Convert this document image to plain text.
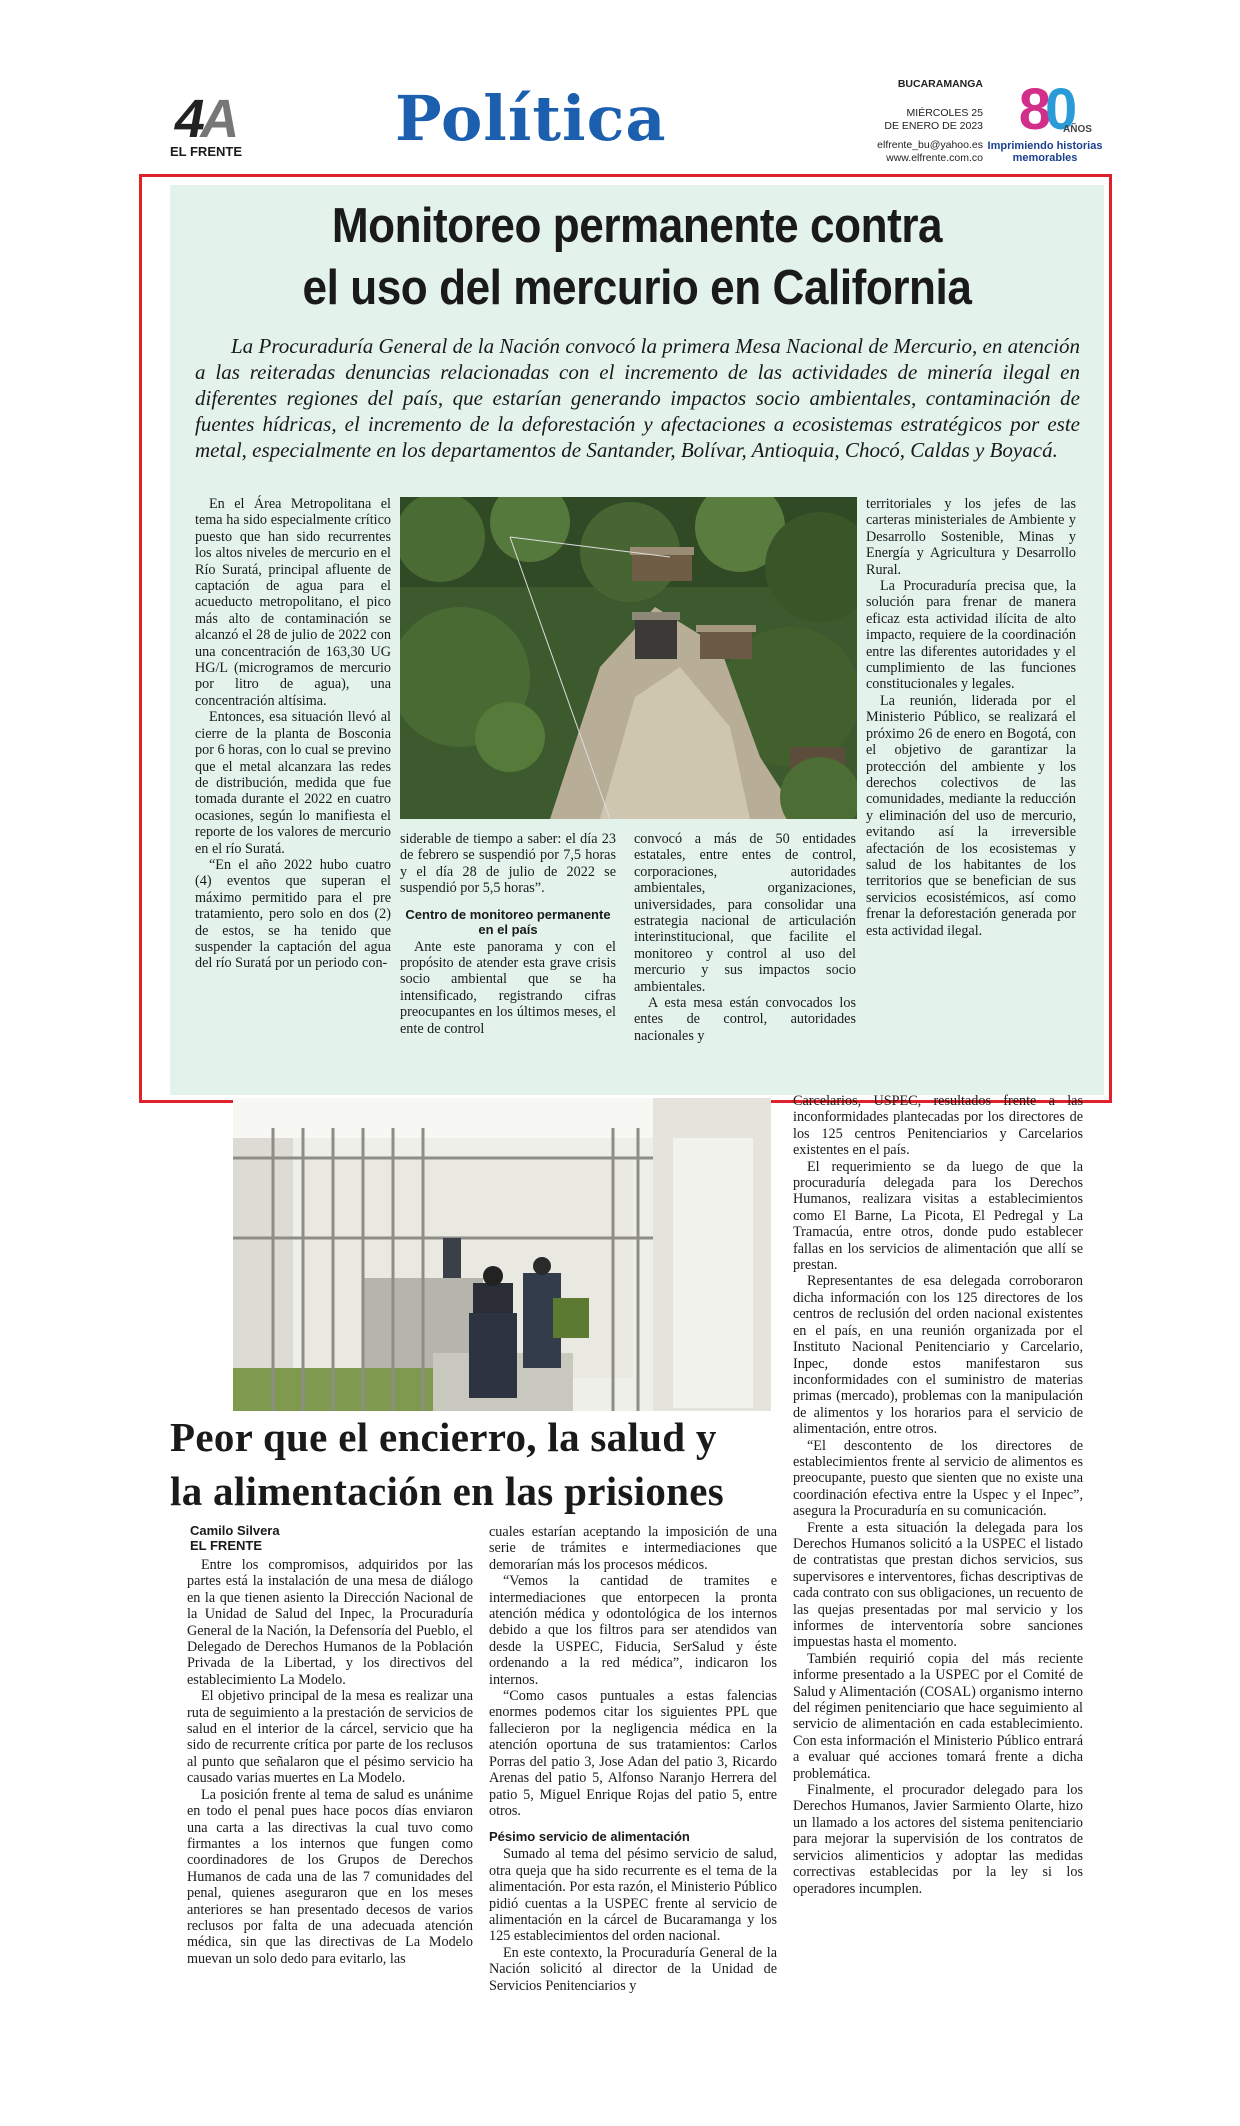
4A
EL FRENTE Política	BUCARAMANGA
MIÉRCOLES 25
DE ENERO DE 2023
elfrente_bu@yahoo.es
www.elfrente.com.co
80
AÑOS
Imprimiendo historias memorables
Monitoreo permanente contra
el uso del mercurio en California
La Procuraduría General de la Nación convocó la primera Mesa Nacional de Mercurio, en atención a las reiteradas denuncias relacionadas con el incremento de las actividades de minería ilegal en diferentes regiones del país, que estarían generando impactos socio ambientales, contaminación de fuentes hídricas, el incremento de la deforestación y afectaciones a ecosistemas estratégicos por este metal, especialmente en los departamentos de Santander, Bolívar, Antioquia, Chocó, Caldas y Boyacá.

En el Área Metropolitana el tema ha sido especialmente crítico puesto que han sido recurrentes los altos niveles de mercurio en el Río Suratá, principal afluente de captación de agua para el acueducto metropolitano, el pico más alto de contaminación se alcanzó el 28 de julio de 2022 con una concentración de 163,30 UG HG/L (microgramos de mercurio por litro de agua), una concentración altísima.

Entonces, esa situación llevó al cierre de la planta de Bosconia por 6 horas, con lo cual se previno que el metal alcanzara las redes de distribución, medida que fue tomada durante el 2022 en cuatro ocasiones, según lo manifiesta el reporte de los valores de mercurio en el río Suratá.

“En el año 2022 hubo cuatro (4) eventos que superan el máximo permitido para el pre tratamiento, pero solo en dos (2) de estos, se ha tenido que suspender la captación del agua del río Suratá por un periodo con-

siderable de tiempo a saber: el día 23 de febrero se suspendió por 7,5 horas y el día 28 de julio de 2022 se suspendió por 5,5 horas”.

Centro de monitoreo permanente en el país

Ante este panorama y con el propósito de atender esta grave crisis socio ambiental que se ha intensificado, registrando cifras preocupantes en los últimos meses, el ente de control

convocó a más de 50 entidades estatales, entre entes de control, corporaciones, autoridades ambientales, organizaciones, universidades, para consolidar una estrategia nacional de articulación interinstitucional, que facilite el monitoreo y control al uso del mercurio y sus impactos socio ambientales.

A esta mesa están convocados los entes de control, autoridades nacionales y

territoriales y los jefes de las carteras ministeriales de Ambiente y Desarrollo Sostenible, Minas y Energía y Agricultura y Desarrollo Rural.

La Procuraduría precisa que, la solución para frenar de manera eficaz esta actividad ilícita de alto impacto, requiere de la coordinación entre las diferentes autoridades y el cumplimiento de las funciones constitucionales y legales.

La reunión, liderada por el Ministerio Público, se realizará el próximo 26 de enero en Bogotá, con el objetivo de garantizar la protección del ambiente y los derechos colectivos de las comunidades, mediante la reducción y eliminación del uso de mercurio, evitando así la irreversible afectación de los ecosistemas y salud de los habitantes de los territorios que se benefician de sus servicios ecosistémicos, así como frenar la deforestación generada por esta actividad ilegal.

Carcelarios, USPEC, resultados frente a las inconformidades plantecadas por los directores de los 125 centros Penitenciarios y Carcelarios existentes en el país.

El requerimiento se da luego de que la procuraduría delegada para los Derechos Humanos, realizara visitas a establecimientos como El Barne, La Picota, El Pedregal y La Tramacúa, entre otros, donde pudo establecer fallas en los servicios de alimentación que allí se prestan.

Representantes de esa delegada corroboraron dicha información con los 125 directores de los centros de reclusión del orden nacional existentes en el país, en una reunión organizada por el Instituto Nacional Penitenciario y Carcelario, Inpec, donde estos manifestaron sus inconformidades con el suministro de materias primas (mercado), problemas con la manipulación de alimentos y los horarios para el servicio de alimentación, entre otros.

“El descontento de los directores de establecimientos frente al servicio de alimentos es preocupante, puesto que sienten que no existe una coordinación efectiva entre la Uspec y el Inpec”, asegura la Procuraduría en su comunicación.

Frente a esta situación la delegada para los Derechos Humanos solicitó a la USPEC el listado de contratistas que prestan dichos servicios, sus supervisores e interventores, fichas descriptivas de cada contrato con sus obligaciones, un recuento de las quejas presentadas por mal servicio y los informes de interventoría sobre sanciones impuestas hasta el momento.

También requirió copia del más reciente informe presentado a la USPEC por el Comité de Salud y Alimentación (COSAL) organismo interno del régimen penitenciario que hace seguimiento al servicio de alimentación en cada establecimiento. Con esta información el Ministerio Público entrará a evaluar qué acciones tomará frente a dicha problemática.

Finalmente, el procurador delegado para los Derechos Humanos, Javier Sarmiento Olarte, hizo un llamado a los actores del sistema penitenciario para mejorar la supervisión de los contratos de servicios alimenticios y adoptar las medidas correctivas establecidas por la ley si los operadores incumplen.

Peor que el encierro, la salud y
la alimentación en las prisiones
Camilo Silvera
EL FRENTE

Entre los compromisos, adquiridos por las partes está la instalación de una mesa de diálogo en la que tienen asiento la Dirección Nacional de la Unidad de Salud del Inpec, la Procuraduría General de la Nación, la Defensoría del Pueblo, el Delegado de Derechos Humanos de la Población Privada de la Libertad, y los directivos del establecimiento La Modelo.

El objetivo principal de la mesa es realizar una ruta de seguimiento a la prestación de servicios de salud en el interior de la cárcel, servicio que ha sido de recurrente crítica por parte de los reclusos al punto que señalaron que el pésimo servicio ha causado varias muertes en La Modelo.

La posición frente al tema de salud es unánime en todo el penal pues hace pocos días enviaron una carta a las directivas la cual tuvo como firmantes a los internos que fungen como coordinadores de los Grupos de Derechos Humanos de cada una de las 7 comunidades del penal, quienes aseguraron que en los meses anteriores se han presentado decesos de varios reclusos por falta de una adecuada atención médica, sin que las directivas de La Modelo muevan un solo dedo para evitarlo, las

cuales estarían aceptando la imposición de una serie de trámites e intermediaciones que demorarían más los procesos médicos.

“Vemos la cantidad de tramites e intermediaciones que entorpecen la pronta atención médica y odontológica de los internos debido a que los filtros para ser atendidos van desde la USPEC, Fiducia, SerSalud y éste ordenando a la red médica”, indicaron los internos.

“Como casos puntuales a estas falencias enormes podemos citar los siguientes PPL que fallecieron por la negligencia médica en la atención oportuna de sus tratamientos: Carlos Porras del patio 3, Jose Adan del patio 3, Ricardo Arenas del patio 5, Alfonso Naranjo Herrera del patio 5, Miguel Enrique Rojas del patio 5, entre otros.

Pésimo servicio de alimentación

Sumado al tema del pésimo servicio de salud, otra queja que ha sido recurrente es el tema de la alimentación. Por esta razón, el Ministerio Público pidió cuentas a la USPEC frente al servicio de alimentación en la cárcel de Bucaramanga y los 125 establecimientos del orden nacional.

En este contexto, la Procuraduría General de la Nación solicitó al director de la Unidad de Servicios Penitenciarios y
